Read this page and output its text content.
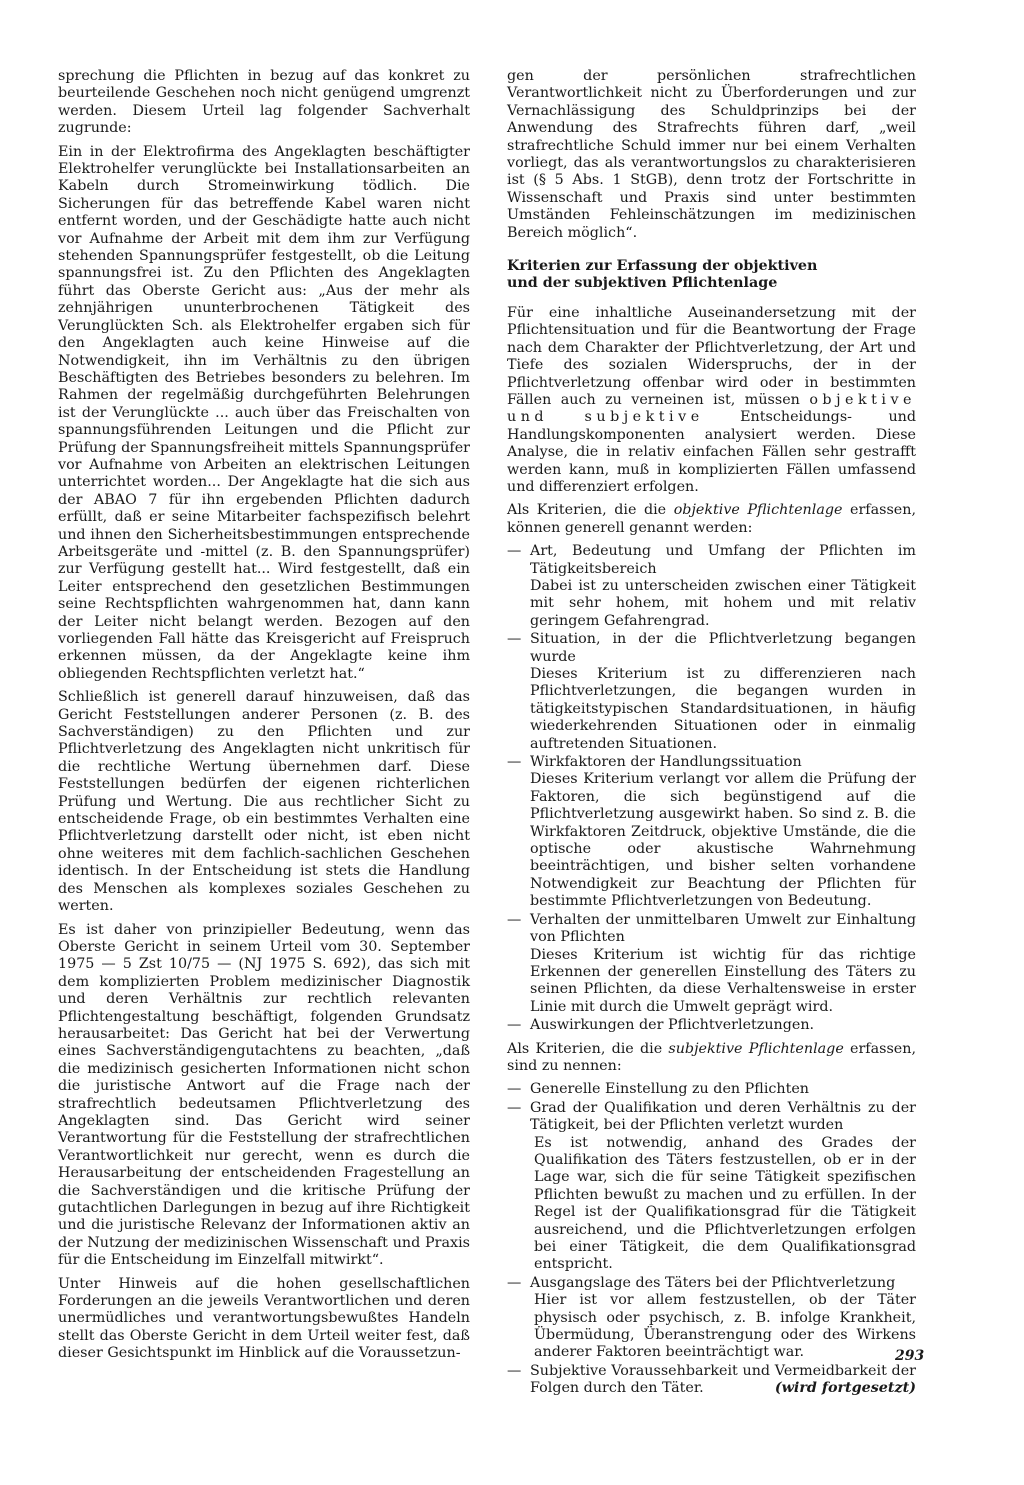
sprechung die Pflichten in bezug auf das konkret zu beurteilende Geschehen noch nicht genügend umgrenzt werden. Diesem Urteil lag folgender Sachverhalt zugrunde:

Ein in der Elektrofirma des Angeklagten beschäftigter Elektrohelfer verunglückte bei Installationsarbeiten an Kabeln durch Stromeinwirkung tödlich. Die Sicherungen für das betreffende Kabel waren nicht entfernt worden, und der Geschädigte hatte auch nicht vor Aufnahme der Arbeit mit dem ihm zur Verfügung stehenden Spannungsprüfer festgestellt, ob die Leitung spannungsfrei ist. Zu den Pflichten des Angeklagten führt das Oberste Gericht aus: „Aus der mehr als zehnjährigen ununterbrochenen Tätigkeit des Verunglückten Sch. als Elektrohelfer ergaben sich für den Angeklagten auch keine Hinweise auf die Notwendigkeit, ihn im Verhältnis zu den übrigen Beschäftigten des Betriebes besonders zu belehren. Im Rahmen der regelmäßig durchgeführten Belehrungen ist der Verunglückte ... auch über das Freischalten von spannungsführenden Leitungen und die Pflicht zur Prüfung der Spannungsfreiheit mittels Spannungsprüfer vor Aufnahme von Arbeiten an elektrischen Leitungen unterrichtet worden... Der Angeklagte hat die sich aus der ABAO 7 für ihn ergebenden Pflichten dadurch erfüllt, daß er seine Mitarbeiter fachspezifisch belehrt und ihnen den Sicherheitsbestimmungen entsprechende Arbeitsgeräte und -mittel (z. B. den Spannungsprüfer) zur Verfügung gestellt hat... Wird festgestellt, daß ein Leiter entsprechend den gesetzlichen Bestimmungen seine Rechtspflichten wahrgenommen hat, dann kann der Leiter nicht belangt werden. Bezogen auf den vorliegenden Fall hätte das Kreisgericht auf Freispruch erkennen müssen, da der Angeklagte keine ihm obliegenden Rechtspflichten verletzt hat.“

Schließlich ist generell darauf hinzuweisen, daß das Gericht Feststellungen anderer Personen (z. B. des Sachverständigen) zu den Pflichten und zur Pflichtverletzung des Angeklagten nicht unkritisch für die rechtliche Wertung übernehmen darf. Diese Feststellungen bedürfen der eigenen richterlichen Prüfung und Wertung. Die aus rechtlicher Sicht zu entscheidende Frage, ob ein bestimmtes Verhalten eine Pflichtverletzung darstellt oder nicht, ist eben nicht ohne weiteres mit dem fachlich-sachlichen Geschehen identisch. In der Entscheidung ist stets die Handlung des Menschen als komplexes soziales Geschehen zu werten.

Es ist daher von prinzipieller Bedeutung, wenn das Oberste Gericht in seinem Urteil vom 30. September 1975 — 5 Zst 10/75 — (NJ 1975 S. 692), das sich mit dem komplizierten Problem medizinischer Diagnostik und deren Verhältnis zur rechtlich relevanten Pflichtengestaltung beschäftigt, folgenden Grundsatz herausarbeitet: Das Gericht hat bei der Verwertung eines Sachverständigengutachtens zu beachten, „daß die medizinisch gesicherten Informationen nicht schon die juristische Antwort auf die Frage nach der strafrechtlich bedeutsamen Pflichtverletzung des Angeklagten sind. Das Gericht wird seiner Verantwortung für die Feststellung der strafrechtlichen Verantwortlichkeit nur gerecht, wenn es durch die Herausarbeitung der entscheidenden Fragestellung an die Sachverständigen und die kritische Prüfung der gutachtlichen Darlegungen in bezug auf ihre Richtigkeit und die juristische Relevanz der Informationen aktiv an der Nutzung der medizinischen Wissenschaft und Praxis für die Entscheidung im Einzelfall mitwirkt“.

Unter Hinweis auf die hohen gesellschaftlichen Forderungen an die jeweils Verantwortlichen und deren unermüdliches und verantwortungsbewußtes Handeln stellt das Oberste Gericht in dem Urteil weiter fest, daß dieser Gesichtspunkt im Hinblick auf die Voraussetzun-

gen der persönlichen strafrechtlichen Verantwortlichkeit nicht zu Überforderungen und zur Vernachlässigung des Schuldprinzips bei der Anwendung des Strafrechts führen darf, „weil strafrechtliche Schuld immer nur bei einem Verhalten vorliegt, das als verantwortungslos zu charakterisieren ist (§ 5 Abs. 1 StGB), denn trotz der Fortschritte in Wissenschaft und Praxis sind unter bestimmten Umständen Fehleinschätzungen im medizinischen Bereich möglich“.

Kriterien zur Erfassung der objektiven
und der subjektiven Pflichtenlage

Für eine inhaltliche Auseinandersetzung mit der Pflichtensituation und für die Beantwortung der Frage nach dem Charakter der Pflichtverletzung, der Art und Tiefe des sozialen Widerspruchs, der in der Pflichtverletzung offenbar wird oder in bestimmten Fällen auch zu verneinen ist, müssen objektive und	subjektive	Entscheidungs- und Handlungskomponenten analysiert werden. Diese Analyse, die in relativ einfachen Fällen sehr gestrafft werden kann, muß in komplizierten Fällen umfassend und differenziert erfolgen.

Als Kriterien, die die objektive Pflichtenlage erfassen, können generell genannt werden:

— Art, Bedeutung und Umfang der Pflichten im Tätigkeitsbereich
Dabei ist zu unterscheiden zwischen einer Tätigkeit mit sehr hohem, mit hohem und mit relativ geringem Gefahrengrad.
— Situation, in der die Pflichtverletzung begangen wurde
Dieses Kriterium ist zu differenzieren nach Pflichtverletzungen, die begangen wurden in tätigkeitstypischen Standardsituationen, in häufig wiederkehrenden Situationen oder in einmalig auftretenden Situationen.
— Wirkfaktoren der Handlungssituation
Dieses Kriterium verlangt vor allem die Prüfung der Faktoren, die sich begünstigend auf die Pflichtverletzung ausgewirkt haben. So sind z. B. die Wirkfaktoren Zeitdruck, objektive Umstände, die die optische oder akustische Wahrnehmung beeinträchtigen, und bisher selten vorhandene Notwendigkeit zur Beachtung der Pflichten für bestimmte Pflichtverletzungen von Bedeutung.
— Verhalten der unmittelbaren Umwelt zur Einhaltung von Pflichten
Dieses Kriterium ist wichtig für das richtige Erkennen der generellen Einstellung des Täters zu seinen Pflichten, da diese Verhaltensweise in erster Linie mit durch die Umwelt geprägt wird.
— Auswirkungen der Pflichtverletzungen.

Als Kriterien, die die subjektive Pflichtenlage erfassen, sind zu nennen:

— Generelle Einstellung zu den Pflichten
— Grad der Qualifikation und deren Verhältnis zu der Tätigkeit, bei der Pflichten verletzt wurden
Es ist notwendig, anhand des Grades der Qualifikation des Täters festzustellen, ob er in der Lage war, sich die für seine Tätigkeit spezifischen Pflichten bewußt zu machen und zu erfüllen. In der Regel ist der Qualifikationsgrad für die Tätigkeit ausreichend, und die Pflichtverletzungen erfolgen bei einer Tätigkeit, die dem Qualifikationsgrad entspricht.
— Ausgangslage des Täters bei der Pflichtverletzung
Hier ist vor allem festzustellen, ob der Täter physisch oder psychisch, z. B. infolge Krankheit, Übermüdung, Überanstrengung oder des Wirkens anderer Faktoren beeinträchtigt war.
— Subjektive Voraussehbarkeit und Vermeidbarkeit der Folgen durch den Täter.	(wird fortgesetzt)
293
